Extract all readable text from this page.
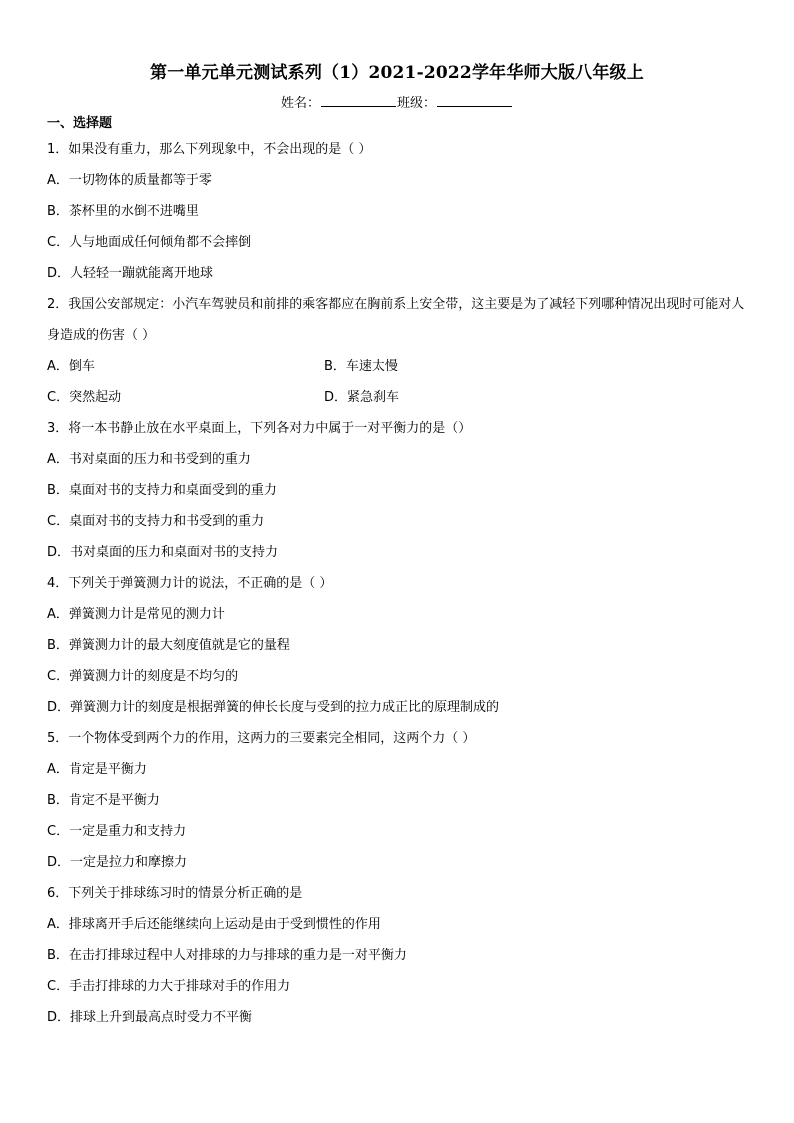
第一单元单元测试系列（1）2021-2022学年华师大版八年级上
姓名：	班级：
一、选择题
1．如果没有重力，那么下列现象中，不会出现的是（ ）
A．一切物体的质量都等于零
B．茶杯里的水倒不进嘴里
C．人与地面成任何倾角都不会摔倒
D．人轻轻一蹦就能离开地球
2．我国公安部规定：小汽车驾驶员和前排的乘客都应在胸前系上安全带，这主要是为了减轻下列哪种情况出现时可能对人身造成的伤害（ ）
A．倒车	B．车速太慢
C．突然起动	D．紧急刹车
3．将一本书静止放在水平桌面上，下列各对力中属于一对平衡力的是（）
A．书对桌面的压力和书受到的重力
B．桌面对书的支持力和桌面受到的重力
C．桌面对书的支持力和书受到的重力
D．书对桌面的压力和桌面对书的支持力
4．下列关于弹簧测力计的说法，不正确的是（ ）
A．弹簧测力计是常见的测力计
B．弹簧测力计的最大刻度值就是它的量程
C．弹簧测力计的刻度是不均匀的
D．弹簧测力计的刻度是根据弹簧的伸长长度与受到的拉力成正比的原理制成的
5．一个物体受到两个力的作用，这两力的三要素完全相同，这两个力（ ）
A．肯定是平衡力
B．肯定不是平衡力
C．一定是重力和支持力
D．一定是拉力和摩擦力
6．下列关于排球练习时的情景分析正确的是
A．排球离开手后还能继续向上运动是由于受到惯性的作用
B．在击打排球过程中人对排球的力与排球的重力是一对平衡力
C．手击打排球的力大于排球对手的作用力
D．排球上升到最高点时受力不平衡
